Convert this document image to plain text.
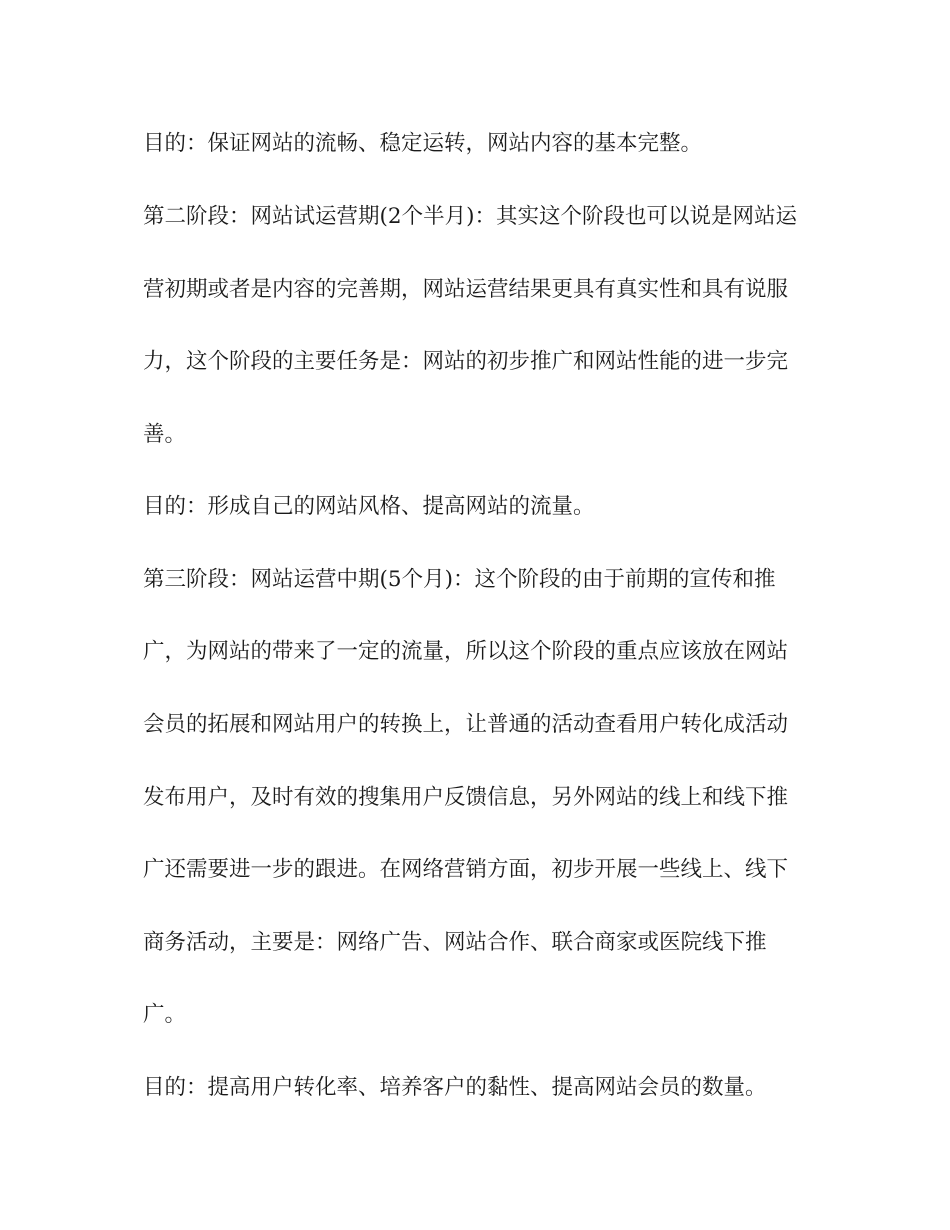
目的：保证网站的流畅、稳定运转，网站内容的基本完整。

第二阶段：网站试运营期(2个半月)：其实这个阶段也可以说是网站运

营初期或者是内容的完善期，网站运营结果更具有真实性和具有说服

力，这个阶段的主要任务是：网站的初步推广和网站性能的进一步完

善。

目的：形成自己的网站风格、提高网站的流量。

第三阶段：网站运营中期(5个月)：这个阶段的由于前期的宣传和推

广，为网站的带来了一定的流量，所以这个阶段的重点应该放在网站

会员的拓展和网站用户的转换上，让普通的活动查看用户转化成活动

发布用户，及时有效的搜集用户反馈信息，另外网站的线上和线下推

广还需要进一步的跟进。在网络营销方面，初步开展一些线上、线下

商务活动，主要是：网络广告、网站合作、联合商家或医院线下推

广。

目的：提高用户转化率、培养客户的黏性、提高网站会员的数量。
